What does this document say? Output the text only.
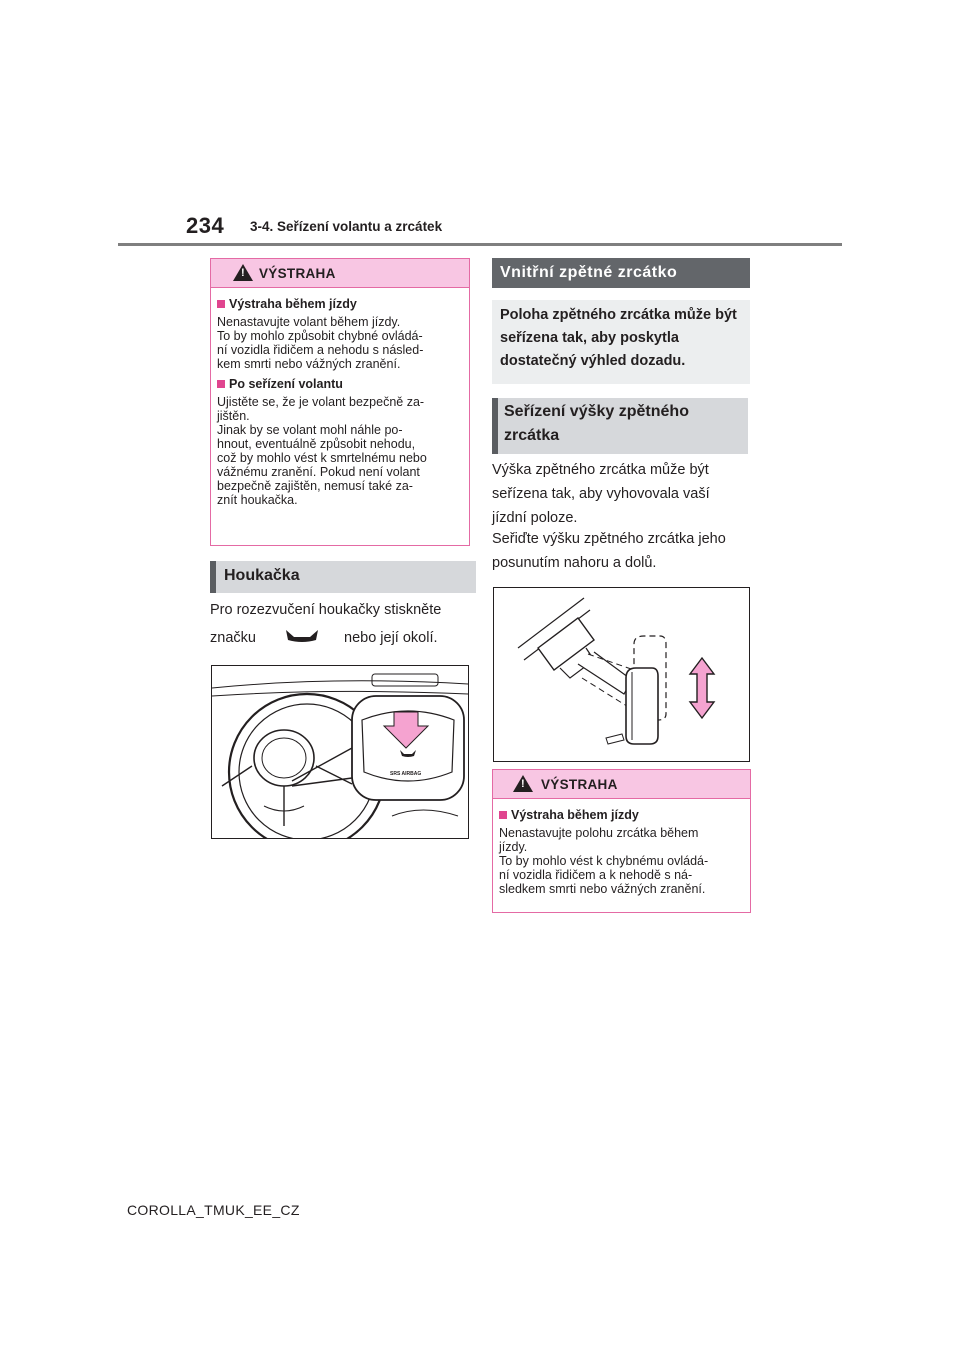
234 3-4. Seřízení volantu a zrcátek
!
VÝSTRAHA
Výstraha během jízdy
Nenastavujte volant během jízdy.
To by mohlo způsobit chybné ovládá-
ní vozidla řidičem a nehodu s násled-
kem smrti nebo vážných zranění.
Po seřízení volantu
Ujistěte se, že je volant bezpečně za-
jištěn.
Jinak by se volant mohl náhle po-
hnout, eventuálně způsobit nehodu,
což by mohlo vést k smrtelnému nebo
vážnému zranění. Pokud není volant
bezpečně zajištěn, nemusí také za-
znít houkačka.
Houkačka
Pro rozezvučení houkačky stiskněte
značku	nebo její okolí.
SRS AIRBAG
Vnitřní zpětné zrcátko
Poloha zpětného zrcátka může být seřízena tak, aby poskytla dostatečný výhled dozadu.
Seřízení výšky zpětného zrcátka
Výška zpětného zrcátka může být seřízena tak, aby vyhovovala vaší jízdní poloze.
Seřiďte výšku zpětného zrcátka jeho posunutím nahoru a dolů.
!
VÝSTRAHA
Výstraha během jízdy
Nenastavujte polohu zrcátka během
jízdy.
To by mohlo vést k chybnému ovládá-
ní vozidla řidičem a k nehodě s ná-
sledkem smrti nebo vážných zranění.
COROLLA_TMUK_EE_CZ
